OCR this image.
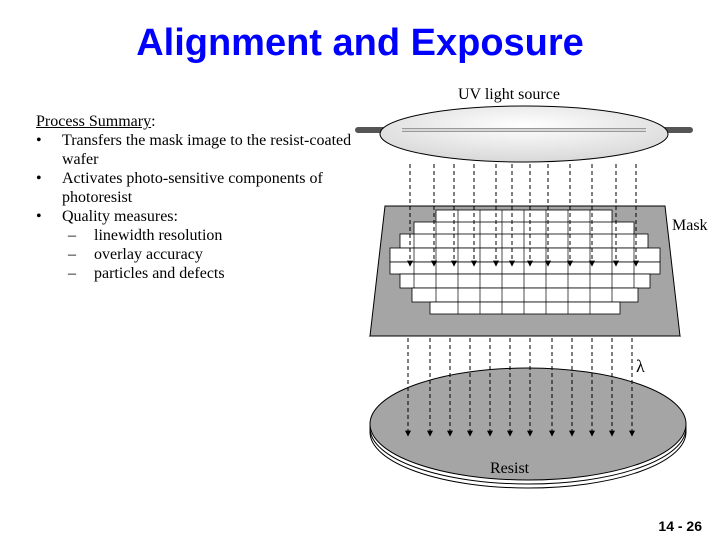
Alignment and Exposure
Process Summary:
• Transfers the mask image to the resist-coated wafer
• Activates photo-sensitive components of photoresist
• Quality measures:
– linewidth resolution
– overlay accuracy
– particles and defects
UV light source
Mask
λ
Resist
14 - 26
